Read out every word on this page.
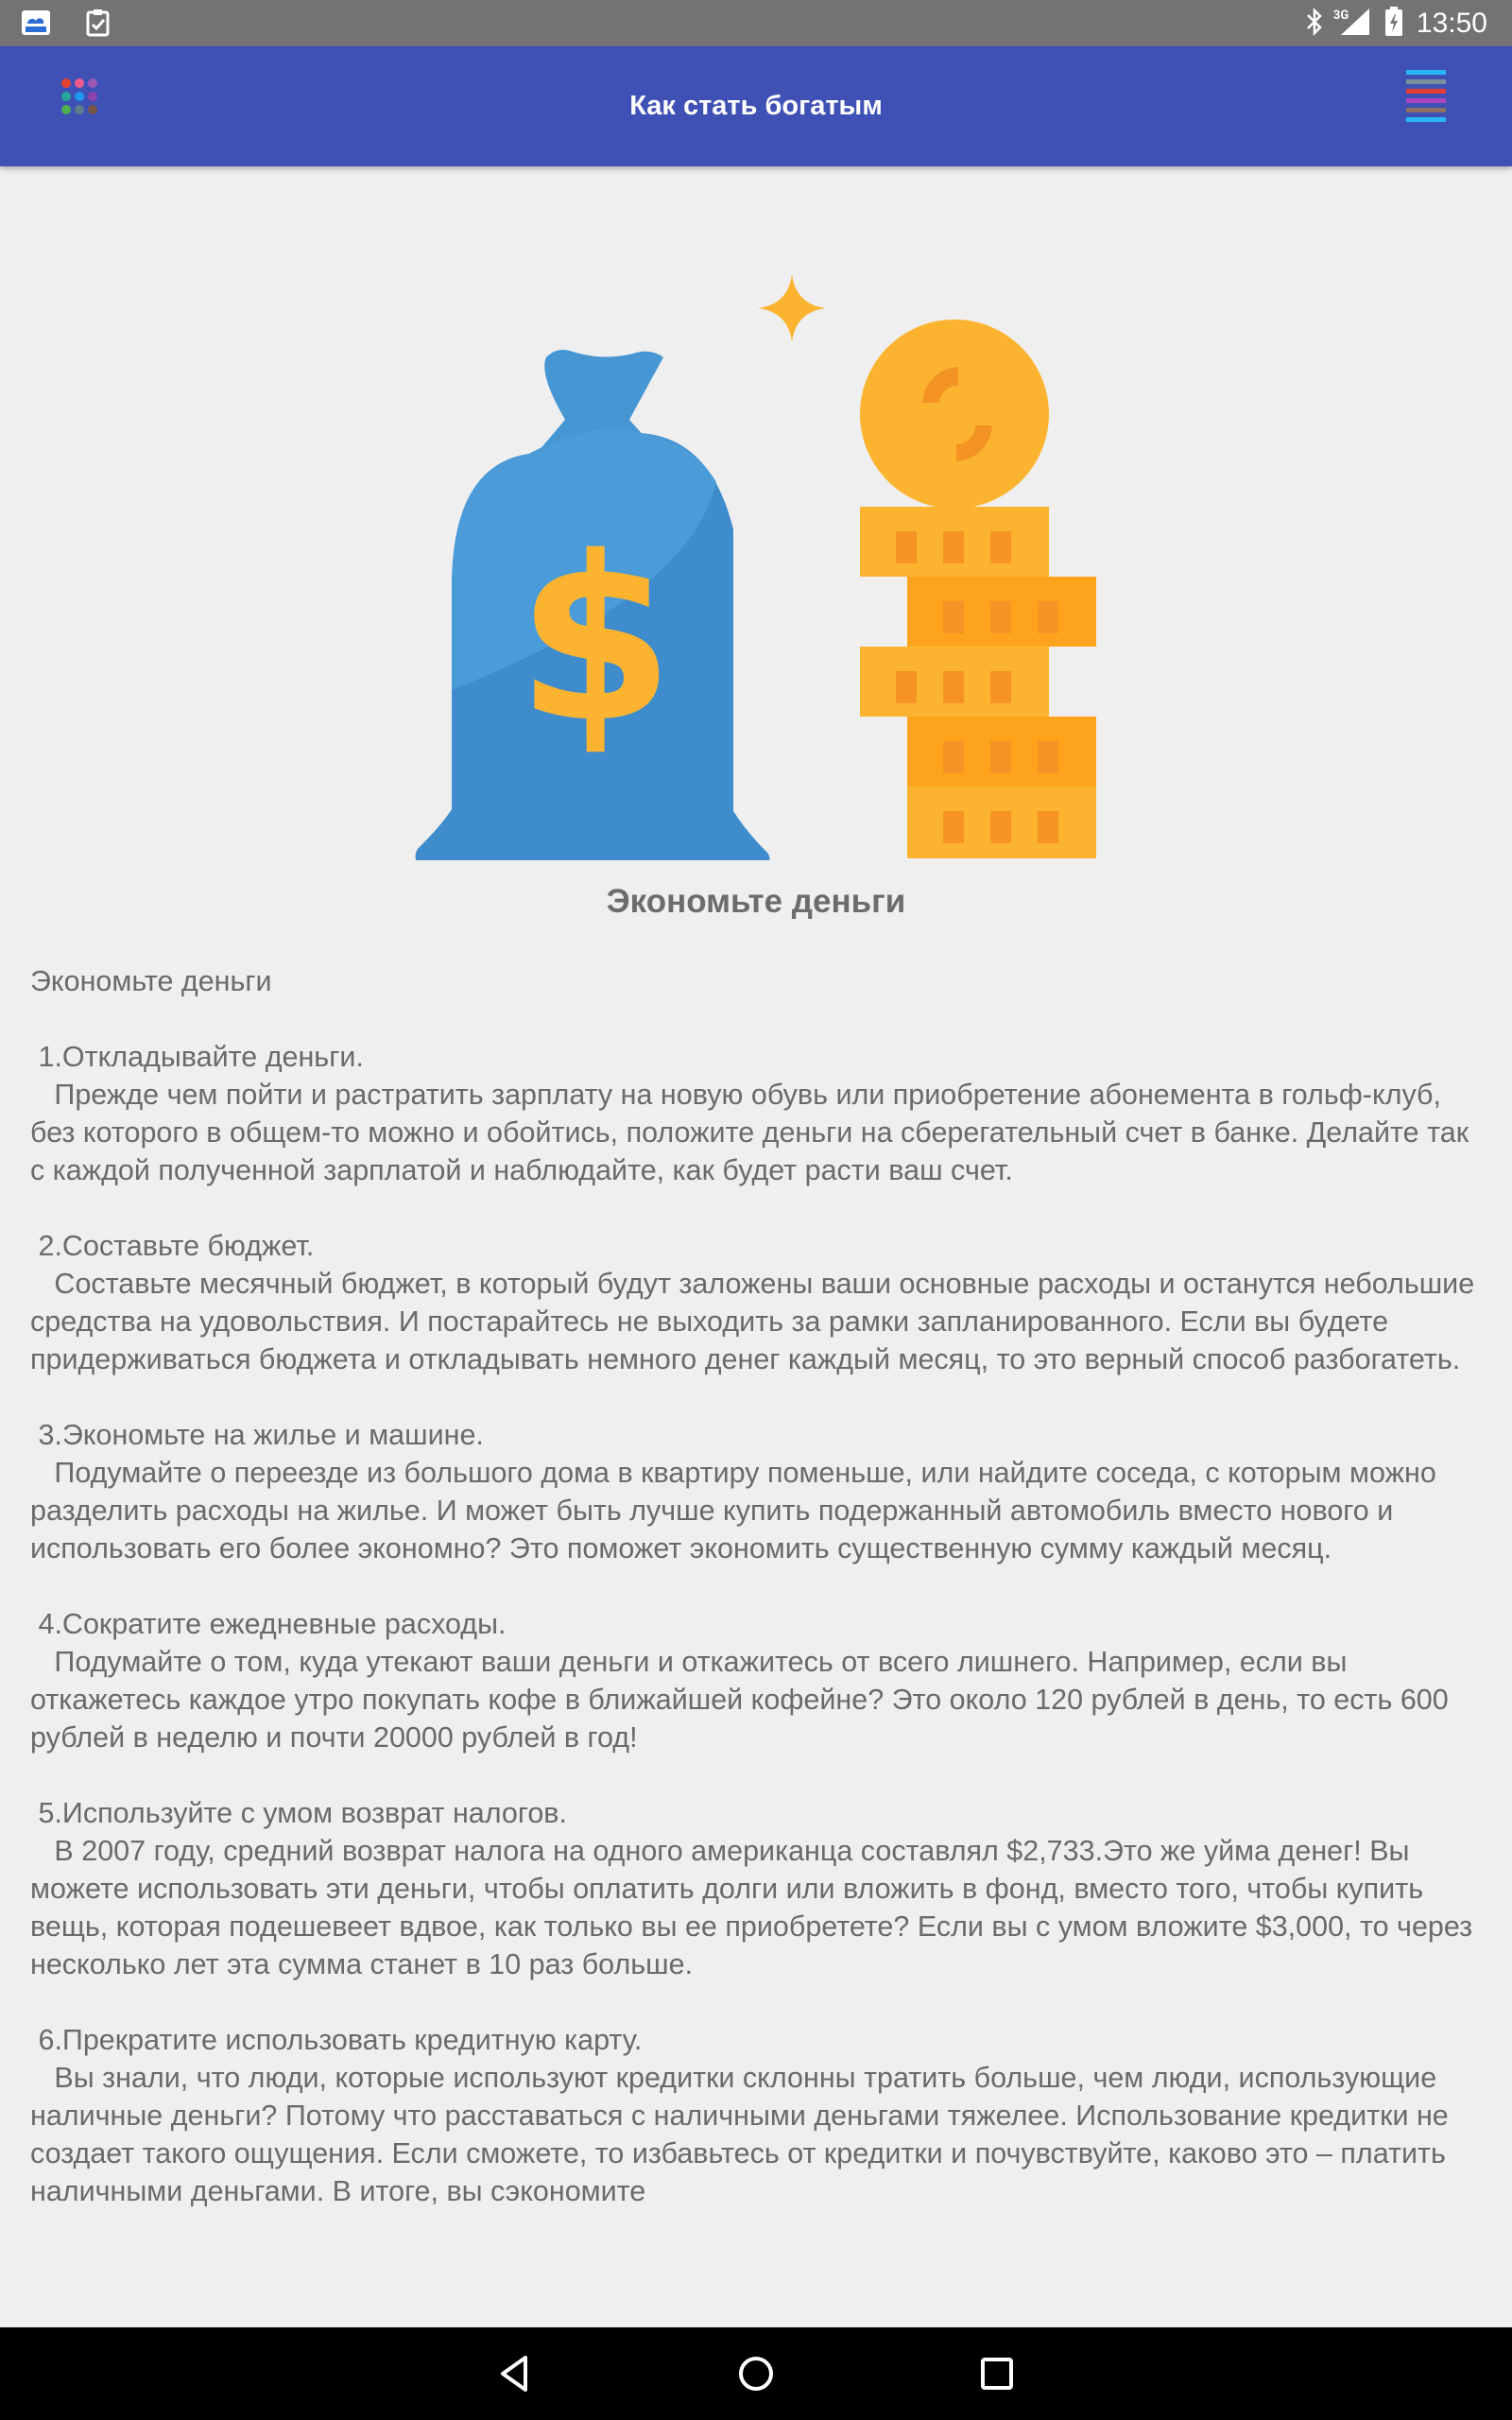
3G 13:50
Как стать богатым
$
Экономьте деньги
Экономьте деньги

1.Откладывайте деньги.
Прежде чем пойти и растратить зарплату на новую обувь или приобретение абонемента в гольф-клуб, без которого в общем-то можно и обойтись, положите деньги на сберегательный счет в банке. Делайте так с каждой полученной зарплатой и наблюдайте, как будет расти ваш счет.

2.Составьте бюджет.
Составьте месячный бюджет, в который будут заложены ваши основные расходы и останутся небольшие средства на удовольствия. И постарайтесь не выходить за рамки запланированного. Если вы будете придерживаться бюджета и откладывать немного денег каждый месяц, то это верный способ разбогатеть.

3.Экономьте на жилье и машине.
Подумайте о переезде из большого дома в квартиру поменьше, или найдите соседа, с которым можно разделить расходы на жилье. И может быть лучше купить подержанный автомобиль вместо нового и использовать его более экономно? Это поможет экономить существенную сумму каждый месяц.

4.Сократите ежедневные расходы.
Подумайте о том, куда утекают ваши деньги и откажитесь от всего лишнего. Например, если вы откажетесь каждое утро покупать кофе в ближайшей кофейне? Это около 120 рублей в день, то есть 600 рублей в неделю и почти 20000 рублей в год!

5.Используйте с умом возврат налогов.
В 2007 году, средний возврат налога на одного американца составлял $2,733.Это же уйма денег! Вы можете использовать эти деньги, чтобы оплатить долги или вложить в фонд, вместо того, чтобы купить вещь, которая подешевеет вдвое, как только вы ее приобретете? Если вы с умом вложите $3,000, то через несколько лет эта сумма станет в 10 раз больше.

6.Прекратите использовать кредитную карту.
Вы знали, что люди, которые используют кредитки склонны тратить больше, чем люди, использующие наличные деньги? Потому что расставаться с наличными деньгами тяжелее. Использование кредитки не создает такого ощущения. Если сможете, то избавьтесь от кредитки и почувствуйте, каково это – платить наличными деньгами. В итоге, вы сэкономите
